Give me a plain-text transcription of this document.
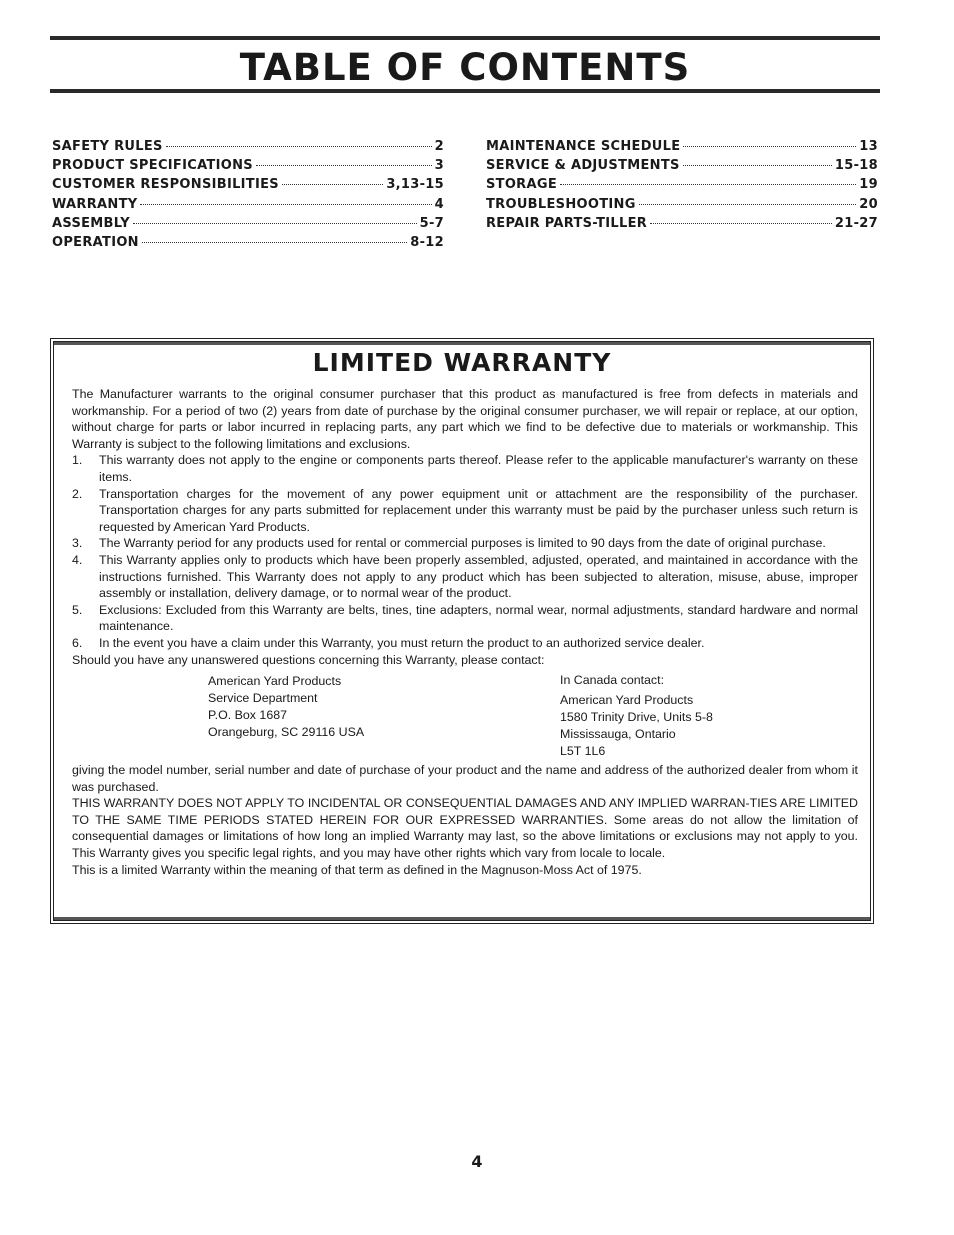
TABLE OF CONTENTS
SAFETY RULES	2
PRODUCT SPECIFICATIONS	3
CUSTOMER RESPONSIBILITIES	3,13-15
WARRANTY	4
ASSEMBLY	5-7
OPERATION	8-12
MAINTENANCE SCHEDULE	13
SERVICE & ADJUSTMENTS	15-18
STORAGE	19
TROUBLESHOOTING	20
REPAIR PARTS-TILLER	21-27
LIMITED WARRANTY

The Manufacturer warrants to the original consumer purchaser that this product as manufactured is free from defects in materials and workmanship. For a period of two (2) years from date of purchase by the original consumer purchaser, we will repair or replace, at our option, without charge for parts or labor incurred in replacing parts, any part which we find to be defective due to materials or workmanship. This Warranty is subject to the following limitations and exclusions.

1.	This warranty does not apply to the engine or components parts thereof. Please refer to the applicable manufacturer's warranty on these items.
2.	Transportation charges for the movement of any power equipment unit or attachment are the responsibility of the purchaser. Transportation charges for any parts submitted for replacement under this warranty must be paid by the purchaser unless such return is requested by American Yard Products.
3.	The Warranty period for any products used for rental or commercial purposes is limited to 90 days from the date of original purchase.
4.	This Warranty applies only to products which have been properly assembled, adjusted, operated, and maintained in accordance with the instructions furnished. This Warranty does not apply to any product which has been subjected to alteration, misuse, abuse, improper assembly or installation, delivery damage, or to normal wear of the product.
5.	Exclusions: Excluded from this Warranty are belts, tines, tine adapters, normal wear, normal adjustments, standard hardware and normal maintenance.
6.	In the event you have a claim under this Warranty, you must return the product to an authorized service dealer.

Should you have any unanswered questions concerning this Warranty, please contact:

American Yard Products
Service Department
P.O. Box 1687
Orangeburg, SC 29116 USA
In Canada contact:
American Yard Products
1580 Trinity Drive, Units 5-8
Mississauga, Ontario
L5T 1L6

giving the model number, serial number and date of purchase of your product and the name and address of the authorized dealer from whom it was purchased.

THIS WARRANTY DOES NOT APPLY TO INCIDENTAL OR CONSEQUENTIAL DAMAGES AND ANY IMPLIED WARRAN-TIES ARE LIMITED TO THE SAME TIME PERIODS STATED HEREIN FOR OUR EXPRESSED WARRANTIES. Some areas do not allow the limitation of consequential damages or limitations of how long an implied Warranty may last, so the above limitations or exclusions may not apply to you. This Warranty gives you specific legal rights, and you may have other rights which vary from locale to locale.

This is a limited Warranty within the meaning of that term as defined in the Magnuson-Moss Act of 1975.

4
